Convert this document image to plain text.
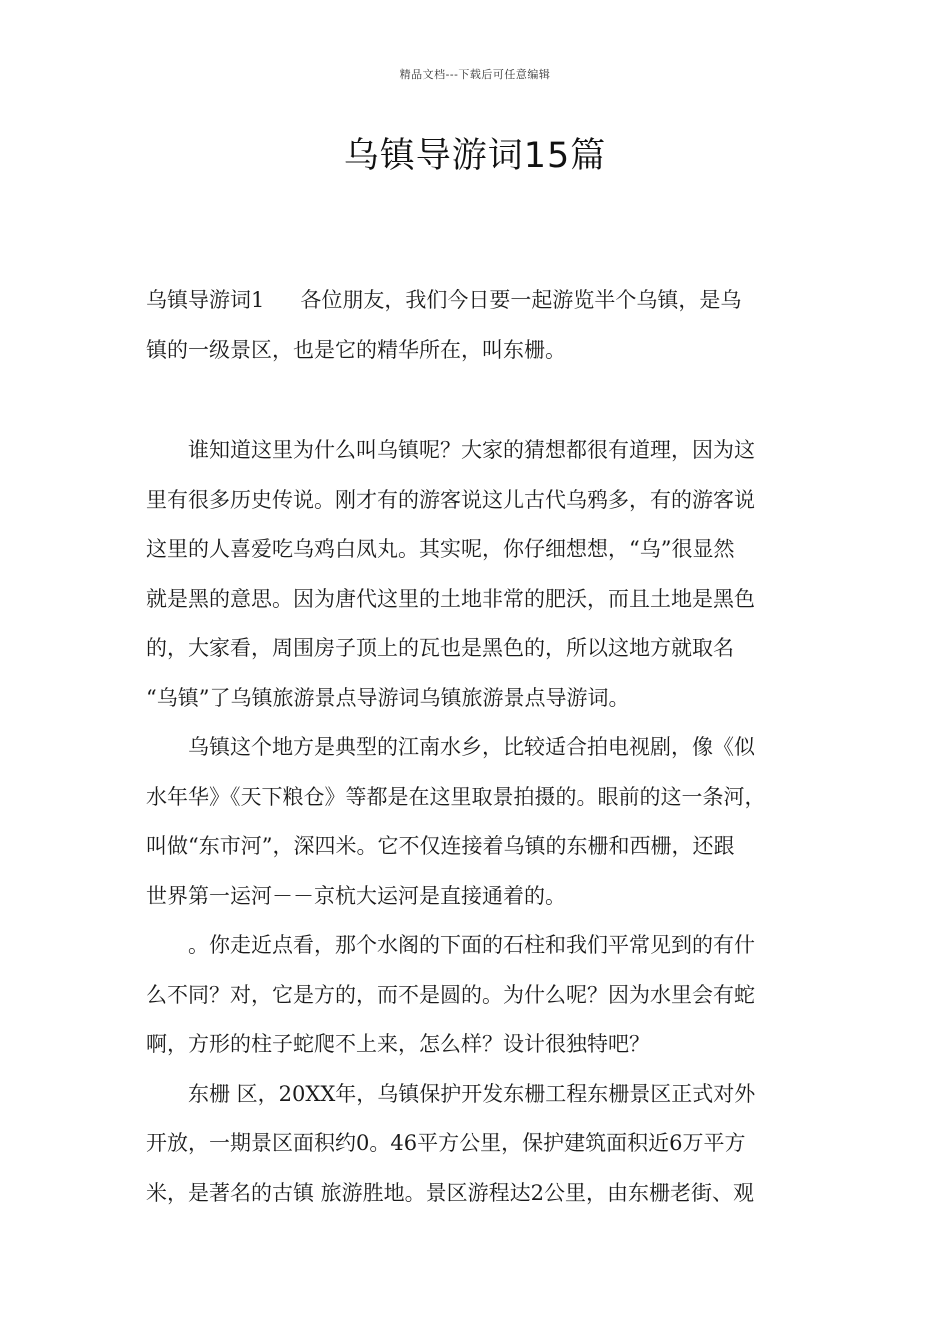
精品文档---下载后可任意编辑
乌镇导游词15篇
乌镇导游词1 各位朋友，我们今日要一起游览半个乌镇，是乌
镇的一级景区，也是它的精华所在，叫东栅。
　　谁知道这里为什么叫乌镇呢？大家的猜想都很有道理，因为这
里有很多历史传说。刚才有的游客说这儿古代乌鸦多，有的游客说
这里的人喜爱吃乌鸡白凤丸。其实呢，你仔细想想，“乌”很显然
就是黑的意思。因为唐代这里的土地非常的肥沃，而且土地是黑色
的，大家看，周围房子顶上的瓦也是黑色的，所以这地方就取名
“乌镇”了乌镇旅游景点导游词乌镇旅游景点导游词。
　　乌镇这个地方是典型的江南水乡，比较适合拍电视剧，像《似
水年华》《天下粮仓》等都是在这里取景拍摄的。眼前的这一条河，
叫做“东市河”，深四米。它不仅连接着乌镇的东栅和西栅，还跟
世界第一运河－－京杭大运河是直接通着的。
　　。你走近点看，那个水阁的下面的石柱和我们平常见到的有什
么不同？对，它是方的，而不是圆的。为什么呢？因为水里会有蛇
啊，方形的柱子蛇爬不上来，怎么样？设计很独特吧？
　　东栅 区，20XX年，乌镇保护开发东栅工程东栅景区正式对外
开放，一期景区面积约0。46平方公里，保护建筑面积近6万平方
米，是著名的古镇 旅游胜地。景区游程达2公里，由东栅老街、观
